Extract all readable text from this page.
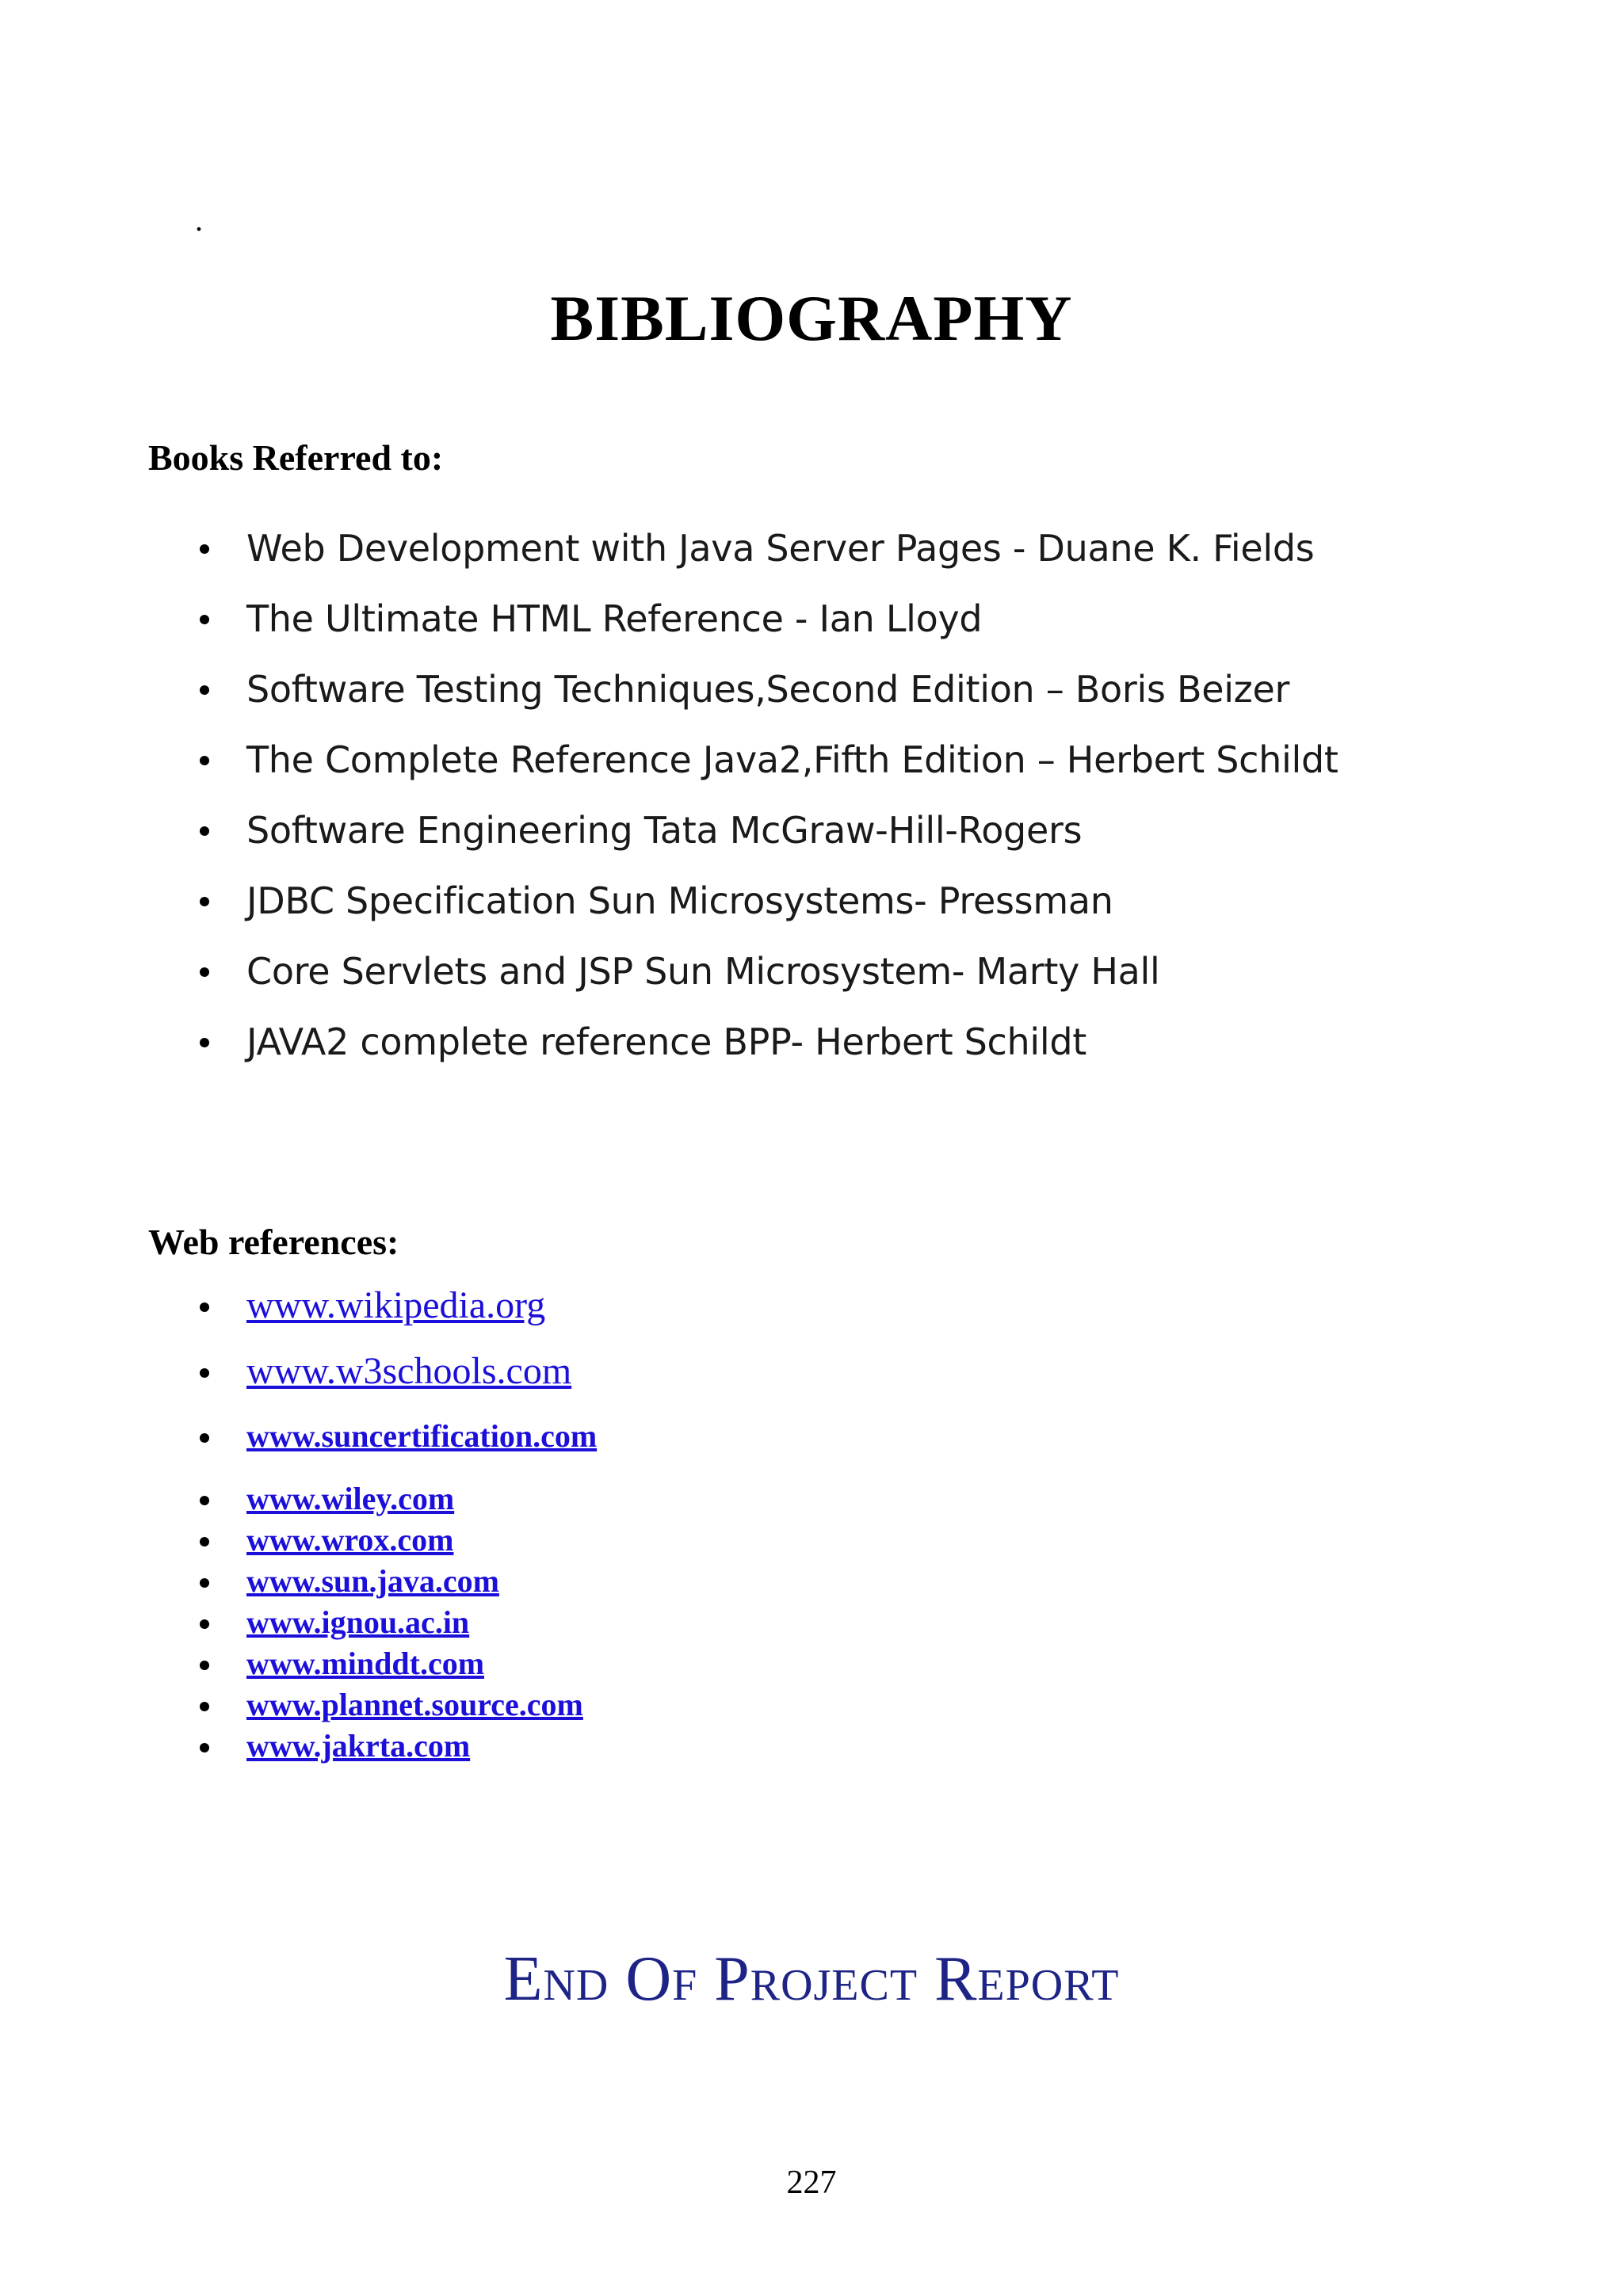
.
BIBLIOGRAPHY
Books Referred to:
Web Development with Java Server Pages - Duane K. Fields
The Ultimate HTML Reference - Ian Lloyd
Software Testing Techniques,Second Edition – Boris Beizer
The Complete Reference Java2,Fifth Edition – Herbert Schildt
Software Engineering Tata McGraw-Hill-Rogers
JDBC Specification Sun Microsystems- Pressman
Core Servlets and JSP Sun Microsystem- Marty Hall
JAVA2 complete reference BPP- Herbert Schildt
Web references:
www.wikipedia.org
www.w3schools.com
www.suncertification.com
www.wiley.com
www.wrox.com
www.sun.java.com
www.ignou.ac.in
www.minddt.com
www.plannet.source.com
www.jakrta.com
End Of Project Report
227
